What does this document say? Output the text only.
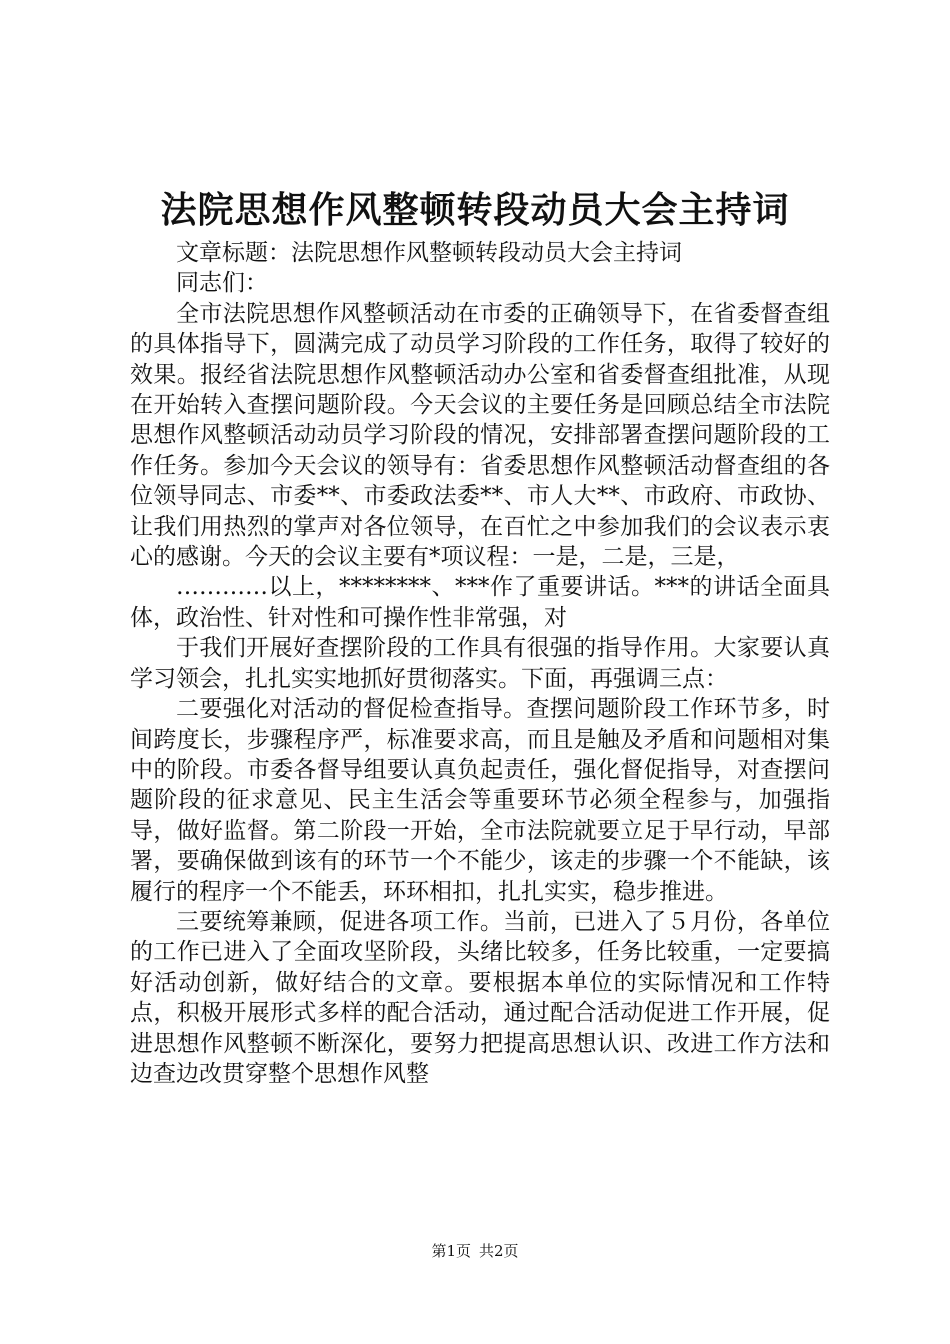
法院思想作风整顿转段动员大会主持词

文章标题：法院思想作风整顿转段动员大会主持词

同志们：

全市法院思想作风整顿活动在市委的正确领导下，在省委督查组的具体指导下，圆满完成了动员学习阶段的工作任务，取得了较好的效果。报经省法院思想作风整顿活动办公室和省委督查组批准，从现在开始转入查摆问题阶段。今天会议的主要任务是回顾总结全市法院思想作风整顿活动动员学习阶段的情况，安排部署查摆问题阶段的工作任务。参加今天会议的领导有：省委思想作风整顿活动督查组的各位领导同志、市委**、市委政法委**、市人大**、市政府、市政协、让我们用热烈的掌声对各位领导，在百忙之中参加我们的会议表示衷心的感谢。今天的会议主要有*项议程：一是，二是，三是，

…………以上，********、***作了重要讲话。***的讲话全面具体，政治性、针对性和可操作性非常强，对

于我们开展好查摆阶段的工作具有很强的指导作用。大家要认真学习领会，扎扎实实地抓好贯彻落实。下面，再强调三点：

二要强化对活动的督促检查指导。查摆问题阶段工作环节多，时间跨度长，步骤程序严，标准要求高，而且是触及矛盾和问题相对集中的阶段。市委各督导组要认真负起责任，强化督促指导，对查摆问题阶段的征求意见、民主生活会等重要环节必须全程参与，加强指导，做好监督。第二阶段一开始，全市法院就要立足于早行动，早部署，要确保做到该有的环节一个不能少，该走的步骤一个不能缺，该履行的程序一个不能丢，环环相扣，扎扎实实，稳步推进。

三要统筹兼顾，促进各项工作。当前，已进入了５月份，各单位的工作已进入了全面攻坚阶段，头绪比较多，任务比较重，一定要搞好活动创新，做好结合的文章。要根据本单位的实际情况和工作特点，积极开展形式多样的配合活动，通过配合活动促进工作开展，促进思想作风整顿不断深化，要努力把提高思想认识、改进工作方法和边查边改贯穿整个思想作风整

第1页 共2页
